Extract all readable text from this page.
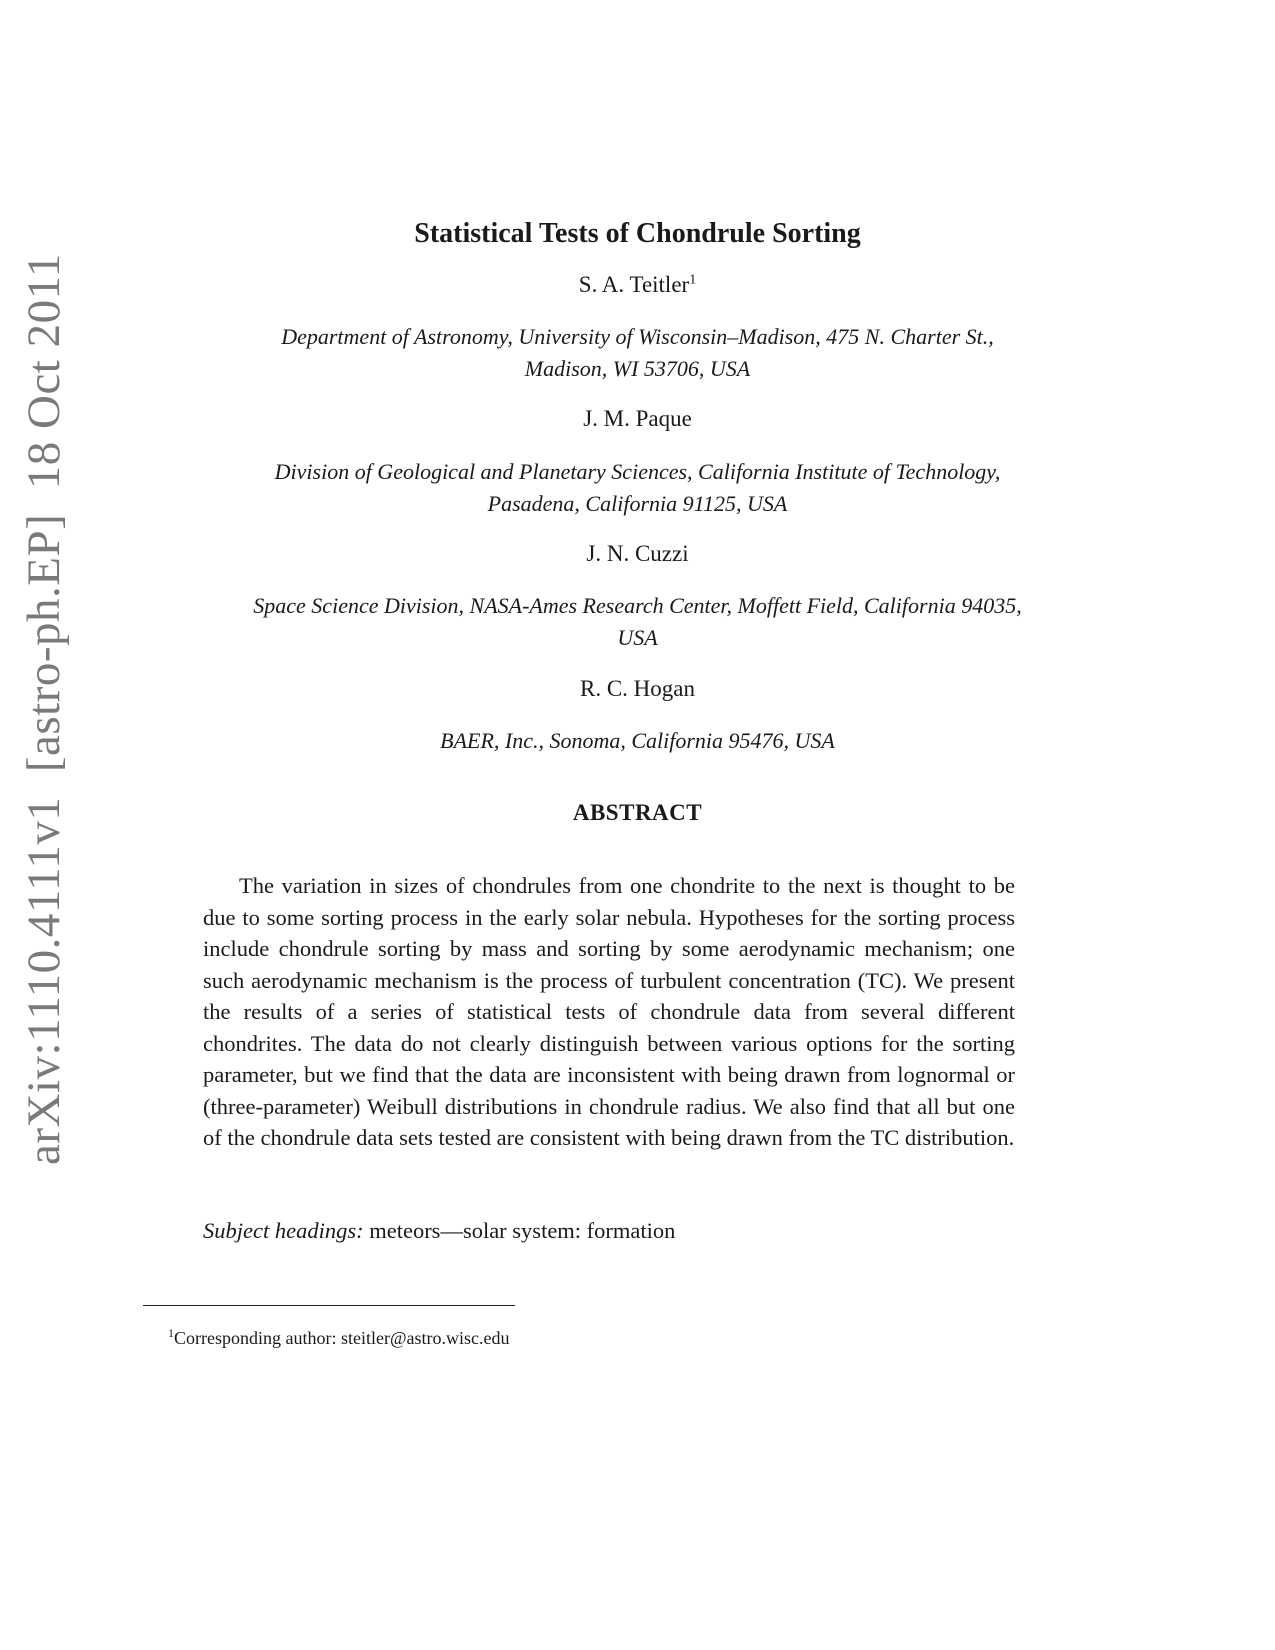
arXiv:1110.4111v1  [astro-ph.EP]  18 Oct 2011
Statistical Tests of Chondrule Sorting
S. A. Teitler$^1$
Department of Astronomy, University of Wisconsin–Madison, 475 N. Charter St.,
Madison, WI 53706, USA
J. M. Paque
Division of Geological and Planetary Sciences, California Institute of Technology,
Pasadena, California 91125, USA
J. N. Cuzzi
Space Science Division, NASA-Ames Research Center, Moffett Field, California 94035,
USA
R. C. Hogan
BAER, Inc., Sonoma, California 95476, USA
ABSTRACT
The variation in sizes of chondrules from one chondrite to the next is thought to be due to some sorting process in the early solar nebula. Hypotheses for the sorting process include chondrule sorting by mass and sorting by some aerodynamic mechanism; one such aerodynamic mechanism is the process of turbulent concentration (TC). We present the results of a series of statistical tests of chondrule data from several different chondrites. The data do not clearly distinguish between various options for the sorting parameter, but we find that the data are inconsistent with being drawn from lognormal or (three-parameter) Weibull distributions in chondrule radius. We also find that all but one of the chondrule data sets tested are consistent with being drawn from the TC distribution.
Subject headings: meteors—solar system: formation
$^1$Corresponding author: steitler@astro.wisc.edu
